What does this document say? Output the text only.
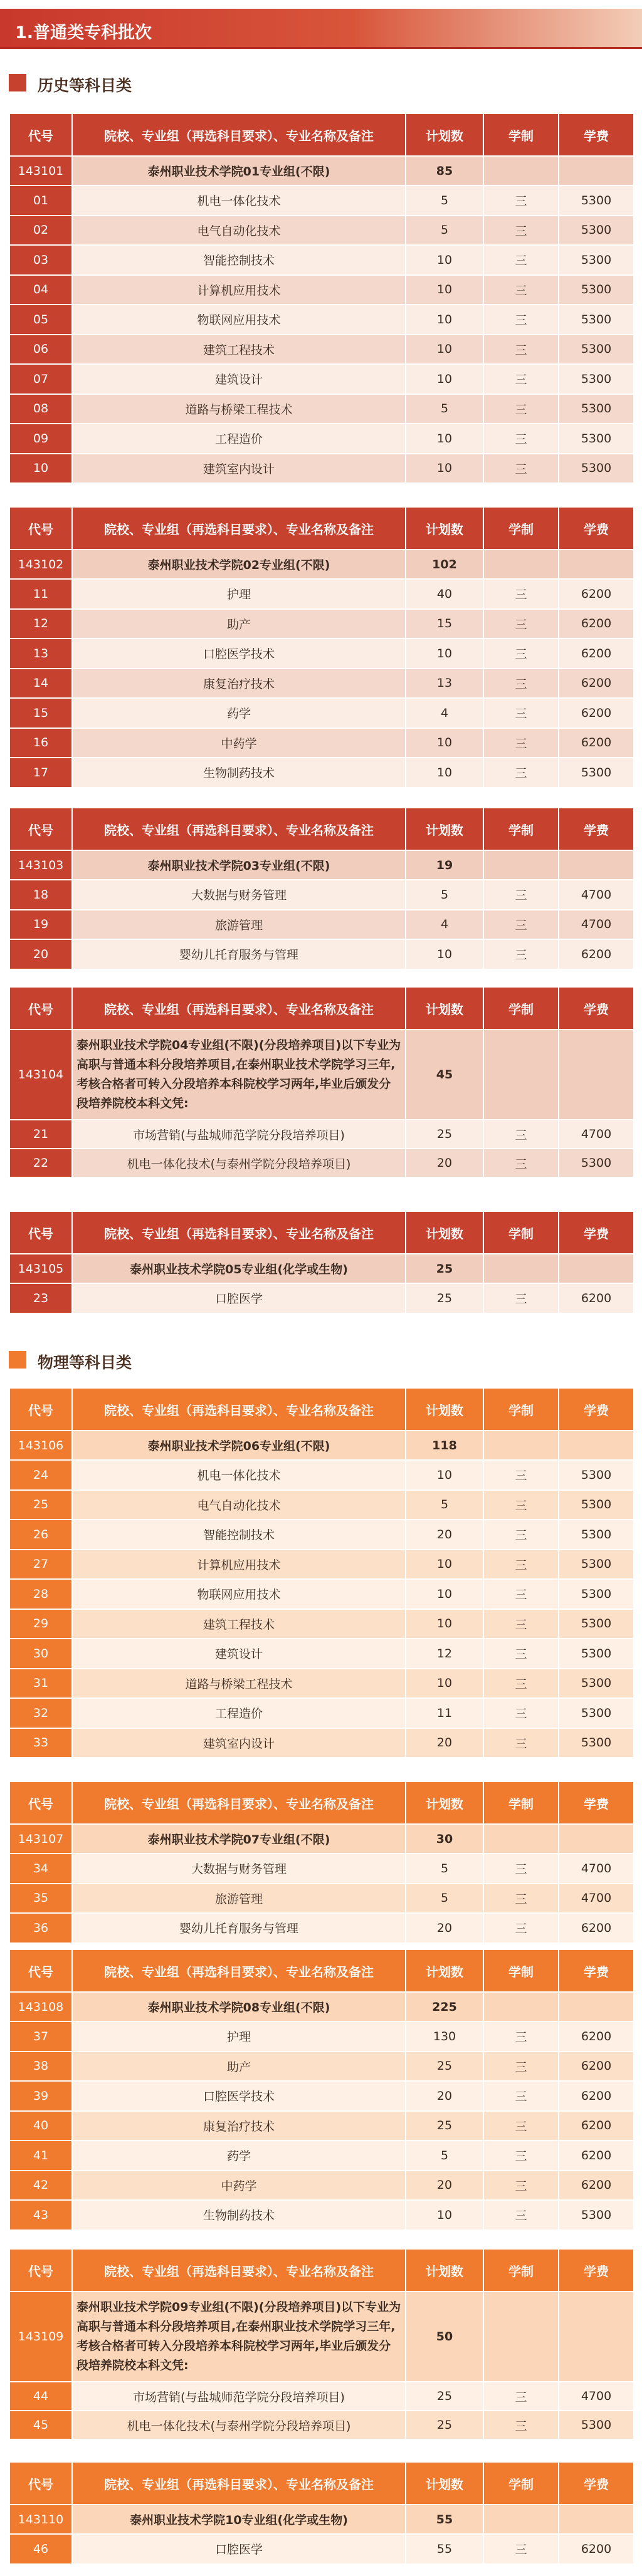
1.普通类专科批次
历史等科目类
代号	院校、专业组（再选科目要求）、专业名称及备注	计划数	学制	学费
143101	泰州职业技术学院01专业组(不限)	85		
01	机电一体化技术	5	三	5300
02	电气自动化技术	5	三	5300
03	智能控制技术	10	三	5300
04	计算机应用技术	10	三	5300
05	物联网应用技术	10	三	5300
06	建筑工程技术	10	三	5300
07	建筑设计	10	三	5300
08	道路与桥梁工程技术	5	三	5300
09	工程造价	10	三	5300
10	建筑室内设计	10	三	5300
代号	院校、专业组（再选科目要求）、专业名称及备注	计划数	学制	学费
143102	泰州职业技术学院02专业组(不限)	102		
11	护理	40	三	6200
12	助产	15	三	6200
13	口腔医学技术	10	三	6200
14	康复治疗技术	13	三	6200
15	药学	4	三	6200
16	中药学	10	三	6200
17	生物制药技术	10	三	5300
代号	院校、专业组（再选科目要求）、专业名称及备注	计划数	学制	学费
143103	泰州职业技术学院03专业组(不限)	19		
18	大数据与财务管理	5	三	4700
19	旅游管理	4	三	4700
20	婴幼儿托育服务与管理	10	三	6200
代号	院校、专业组（再选科目要求）、专业名称及备注	计划数	学制	学费
143104	泰州职业技术学院04专业组(不限)(分段培养项目)以下专业为高职与普通本科分段培养项目,在泰州职业技术学院学习三年,考核合格者可转入分段培养本科院校学习两年,毕业后颁发分段培养院校本科文凭:	45		
21	市场营销(与盐城师范学院分段培养项目)	25	三	4700
22	机电一体化技术(与泰州学院分段培养项目)	20	三	5300
代号	院校、专业组（再选科目要求）、专业名称及备注	计划数	学制	学费
143105	泰州职业技术学院05专业组(化学或生物)	25		
23	口腔医学	25	三	6200
物理等科目类
代号	院校、专业组（再选科目要求）、专业名称及备注	计划数	学制	学费
143106	泰州职业技术学院06专业组(不限)	118		
24	机电一体化技术	10	三	5300
25	电气自动化技术	5	三	5300
26	智能控制技术	20	三	5300
27	计算机应用技术	10	三	5300
28	物联网应用技术	10	三	5300
29	建筑工程技术	10	三	5300
30	建筑设计	12	三	5300
31	道路与桥梁工程技术	10	三	5300
32	工程造价	11	三	5300
33	建筑室内设计	20	三	5300
代号	院校、专业组（再选科目要求）、专业名称及备注	计划数	学制	学费
143107	泰州职业技术学院07专业组(不限)	30		
34	大数据与财务管理	5	三	4700
35	旅游管理	5	三	4700
36	婴幼儿托育服务与管理	20	三	6200
代号	院校、专业组（再选科目要求）、专业名称及备注	计划数	学制	学费
143108	泰州职业技术学院08专业组(不限)	225		
37	护理	130	三	6200
38	助产	25	三	6200
39	口腔医学技术	20	三	6200
40	康复治疗技术	25	三	6200
41	药学	5	三	6200
42	中药学	20	三	6200
43	生物制药技术	10	三	5300
代号	院校、专业组（再选科目要求）、专业名称及备注	计划数	学制	学费
143109	泰州职业技术学院09专业组(不限)(分段培养项目)以下专业为高职与普通本科分段培养项目,在泰州职业技术学院学习三年,考核合格者可转入分段培养本科院校学习两年,毕业后颁发分段培养院校本科文凭:	50		
44	市场营销(与盐城师范学院分段培养项目)	25	三	4700
45	机电一体化技术(与泰州学院分段培养项目)	25	三	5300
代号	院校、专业组（再选科目要求）、专业名称及备注	计划数	学制	学费
143110	泰州职业技术学院10专业组(化学或生物)	55		
46	口腔医学	55	三	6200
